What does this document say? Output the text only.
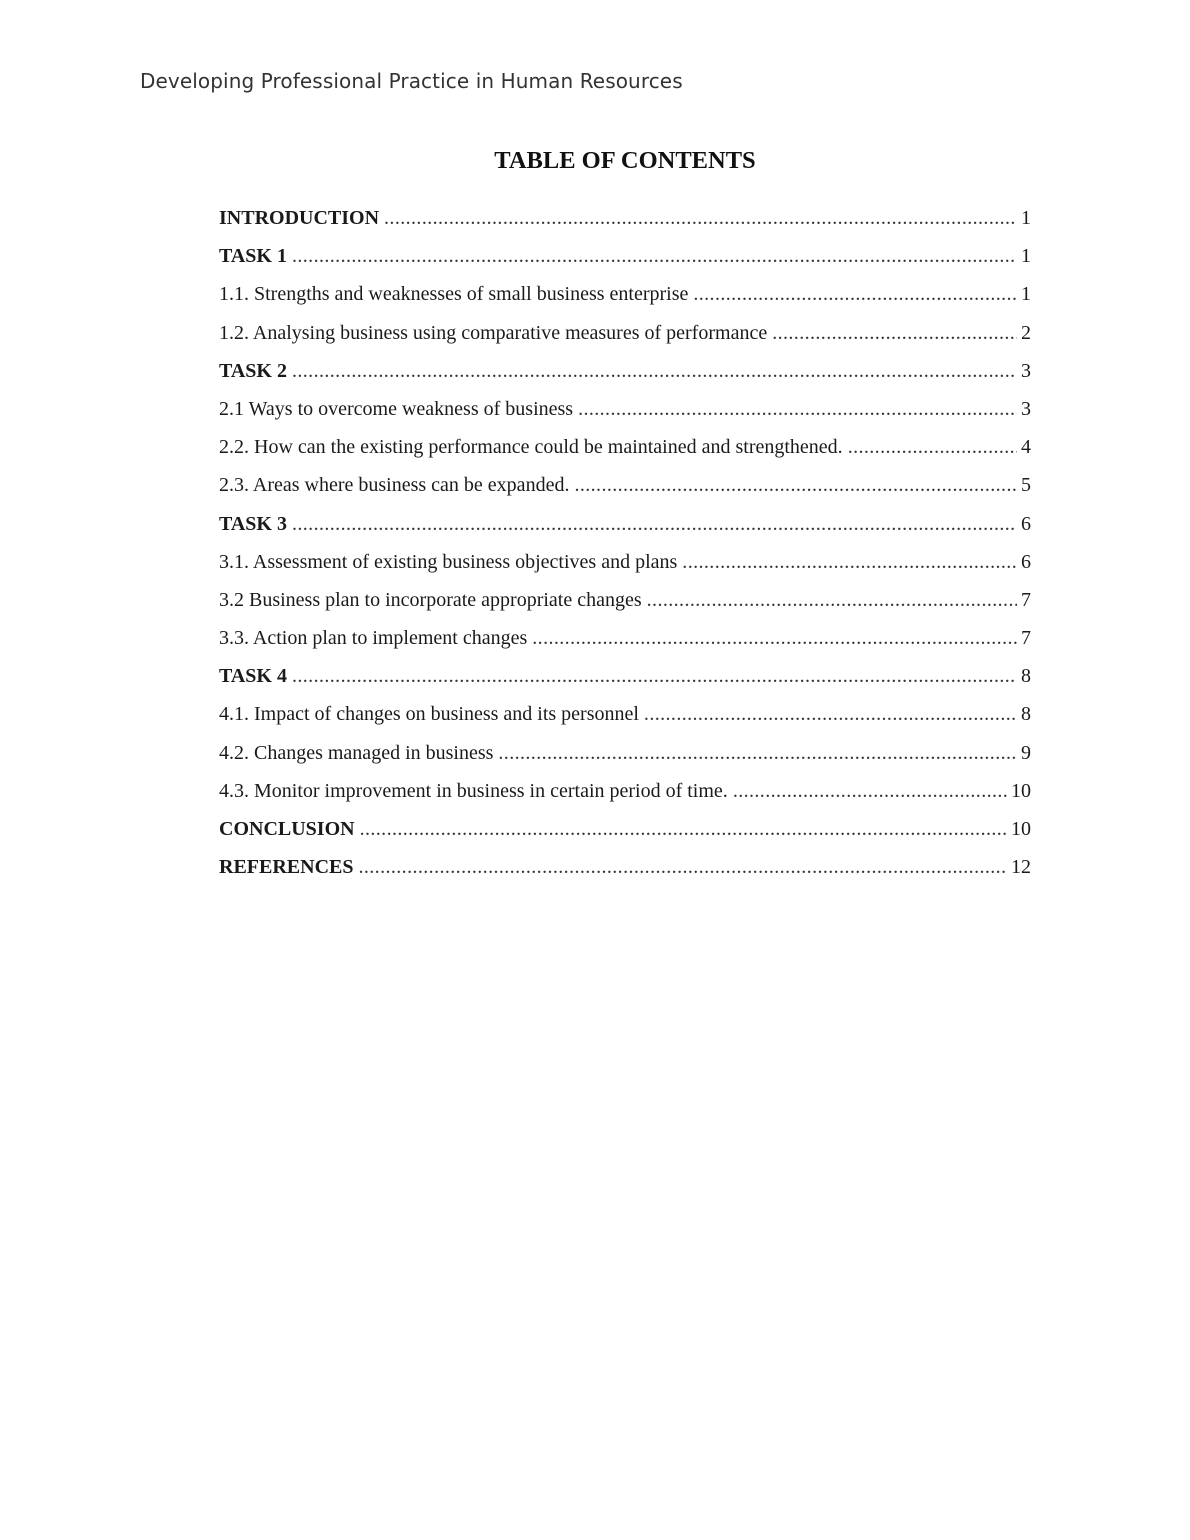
Developing Professional Practice in Human Resources
TABLE OF CONTENTS
INTRODUCTION .....	1
TASK 1 .....	1
1.1. Strengths and weaknesses of small business enterprise .....	1
1.2. Analysing business using comparative measures of performance .....	2
TASK 2 .....	3
2.1 Ways to overcome weakness of business .....	3
2.2. How can the existing performance could be maintained and strengthened. .....	4
2.3. Areas where business can be expanded. .....	5
TASK 3 .....	6
3.1. Assessment of existing business objectives and plans .....	6
3.2 Business plan to incorporate appropriate changes .....	7
3.3. Action plan to implement changes .....	7
TASK 4 .....	8
4.1. Impact of changes on business and its personnel .....	8
4.2. Changes managed in business .....	9
4.3. Monitor improvement in business in certain period of time. .....	10
CONCLUSION .....	10
REFERENCES .....	12
